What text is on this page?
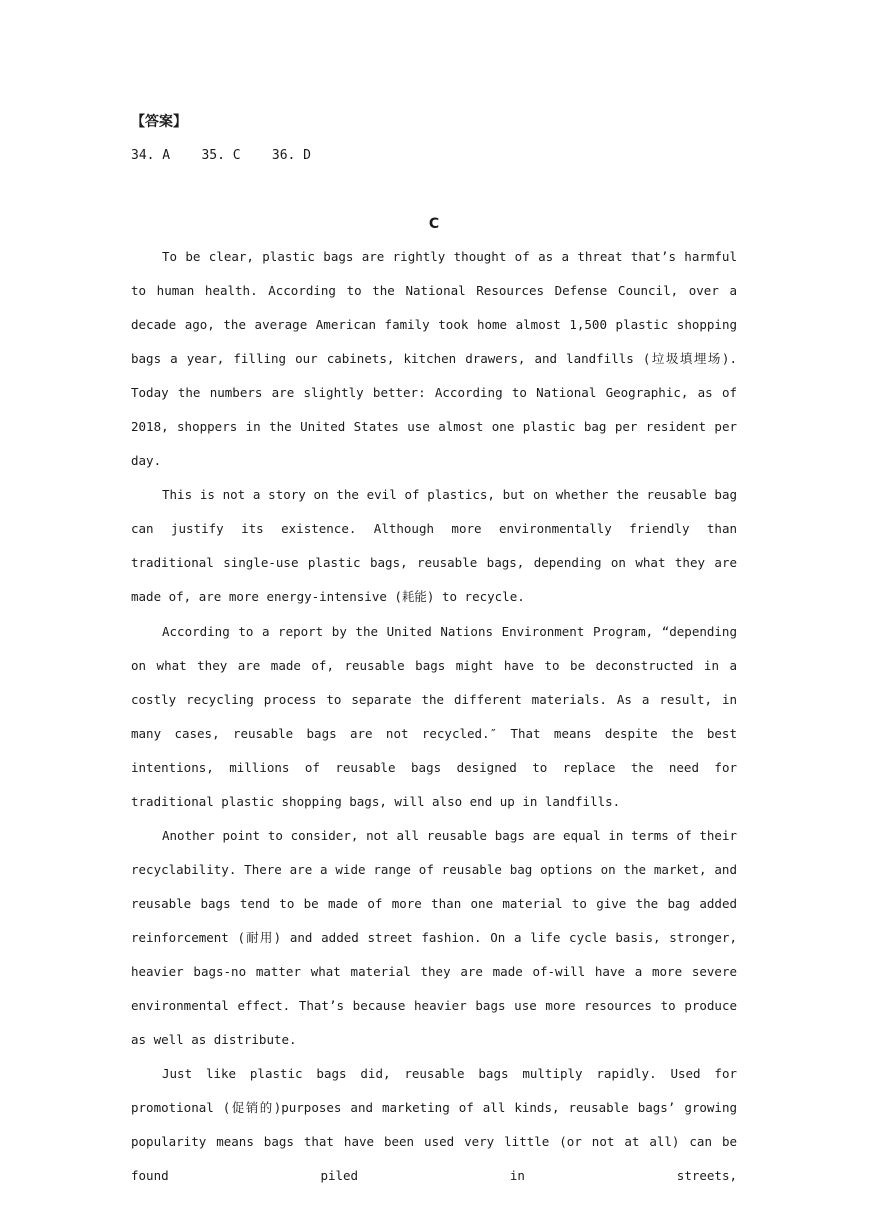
【答案】
34. A    35. C    36. D
C

To be clear, plastic bags are rightly thought of as a threat that’s harmful to human health. According to the National Resources Defense Council, over a decade ago, the average American family took home almost 1,500 plastic shopping bags a year, filling our cabinets, kitchen drawers, and landfills (垃圾填埋场). Today the numbers are slightly better: According to National Geographic, as of 2018, shoppers in the United States use almost one plastic bag per resident per day.

This is not a story on the evil of plastics, but on whether the reusable bag can justify its existence. Although more environmentally friendly than traditional single-use plastic bags, reusable bags, depending on what they are made of, are more energy-intensive (耗能) to recycle.

According to a report by the United Nations Environment Program, “depending on what they are made of, reusable bags might have to be deconstructed in a costly recycling process to separate the different materials. As a result, in many cases, reusable bags are not recycled.″ That means despite the best intentions, millions of reusable bags designed to replace the need for traditional plastic shopping bags, will also end up in landfills.

Another point to consider, not all reusable bags are equal in terms of their recyclability. There are a wide range of reusable bag options on the market, and reusable bags tend to be made of more than one material to give the bag added reinforcement (耐用) and added street fashion. On a life cycle basis, stronger, heavier bags-no matter what material they are made of-will have a more severe environmental effect. That’s because heavier bags use more resources to produce as well as distribute.

Just like plastic bags did, reusable bags multiply rapidly. Used for promotional (促销的)purposes and marketing of all kinds, reusable bags’ growing popularity means bags that have been used very little (or not at all) can be found piled in streets,
